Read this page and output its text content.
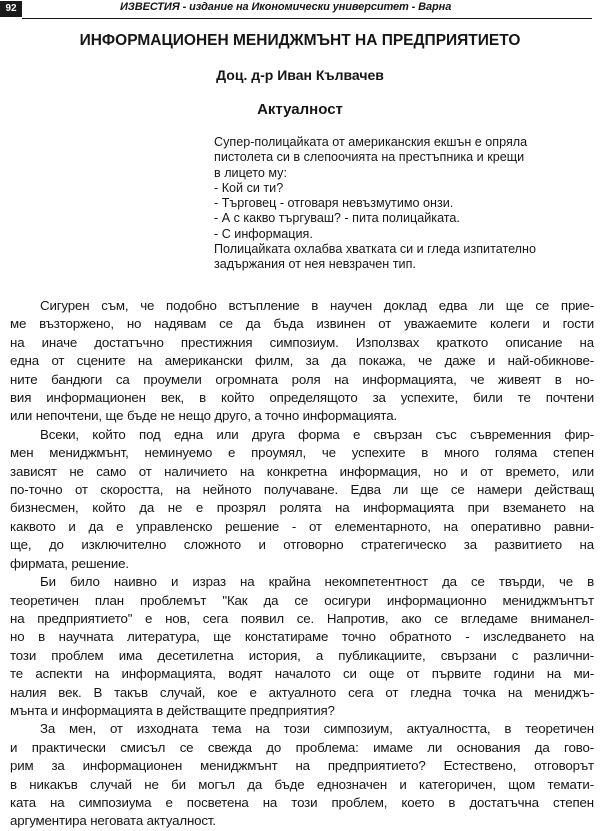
92	ИЗВЕСТИЯ - издание на Икономически университет - Варна
ИНФОРМАЦИОНЕН МЕНИДЖМЪНТ НА ПРЕДПРИЯТИЕТО
Доц. д-р Иван Кълвачев
Актуалност
Супер-полицайката от американския екшън е опряла
пистолета си в слепоочията на престъпника и крещи
в лицето му:
- Кой си ти?
- Търговец - отговаря невъзмутимо онзи.
- А с какво търгуваш? - пита полицайката.
- С информация.
Полицайката охлабва хватката си и гледа изпитателно
задържания от нея невзрачен тип.
Сигурен съм, че подобно встъпление в научен доклад едва ли ще се прие-
ме възторжено, но надявам се да бъда извинен от уважаемите колеги и гости
на иначе достатъчно престижния симпозиум. Използвах краткото описание на
една от сцените на американски филм, за да покажа, че даже и най-обикнове-
ните бандюги са проумели огромната роля на информацията, че живеят в но-
вия информационен век, в който определящото за успехите, били те почтени
или непочтени, ще бъде не нещо друго, а точно информацията.
Всеки, който под една или друга форма е свързан със съвременния фир-
мен мениджмънт, неминуемо е проумял, че успехите в много голяма степен
зависят не само от наличието на конкретна информация, но и от времето, или
по-точно от скоростта, на нейното получаване. Едва ли ще се намери действащ
бизнесмен, който да не е прозрял ролята на информацията при вземането на
каквото и да е управленско решение - от елементарното, на оперативно равни-
ще, до изключително сложното и отговорно стратегическо за развитието на
фирмата, решение.
Би било наивно и израз на крайна некомпетентност да се твърди, че в
теоретичен план проблемът "Как да се осигури информационно мениджмънтът
на предприятието" е нов, сега появил се. Напротив, ако се вгледаме вниманел-
но в научната литература, ще констатираме точно обратното - изследването на
този проблем има десетилетна история, а публикациите, свързани с различни-
те аспекти на информацията, водят началото си още от първите години на ми-
налия век. В такъв случай, кое е актуалното сега от гледна точка на мениджъ-
мънта и информацията в действащите предприятия?
За мен, от изходната тема на този симпозиум, актуалността, в теоретичен
и практически смисъл се свежда до проблема: имаме ли основания да гово-
рим за информационен мениджмънт на предприятието? Естествено, отговорът
в никакъв случай не би могъл да бъде еднозначен и категоричен, щом темати-
ката на симпозиума е посветена на този проблем, което в достатъчна степен
аргументира неговата актуалност.
